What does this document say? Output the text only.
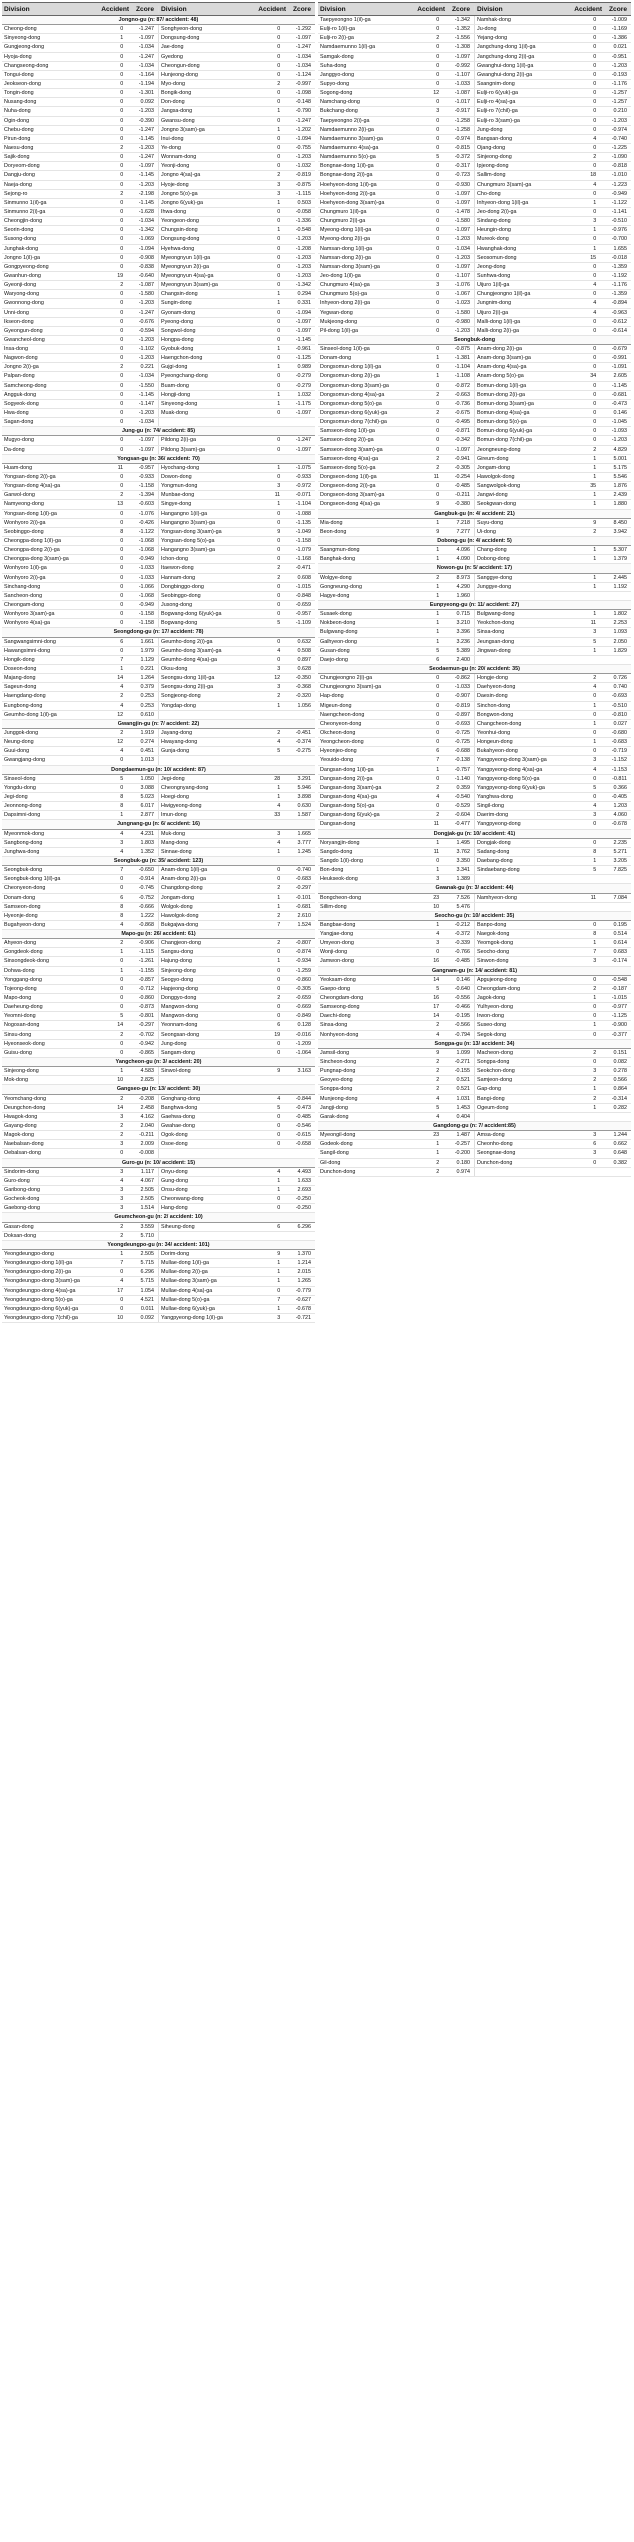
Division	Accident	Zcore	Division	Accident	Zcore
Jongno-gu (n: 87/ accident: 48)
Cheong-dong	0	-1.247	Songhyeon-dong	0	-1.292
Sinyeong-dong	1	-1.097	Dongsung-dong	0	-1.097
Gungjeong-dong	0	-1.034	Jae-dong	0	-1.247
Hyoja-dong	0	-1.247	Gyedong	0	-1.034
Changseong-dong	0	-1.034	Cheongun-dong	0	-1.034
Tongui-dong	0	-1.164	Hunjeong-dong	0	-1.124
Jeokseon-dong	0	-1.194	Myo-dong	2	-0.997
Tongin-dong	0	-1.301	Bongik-dong	0	-1.098
Nusang-dong	0	0.092	Don-dong	0	-0.148
Nuha-dong	0	-1.203	Jangsa-dong	1	-0.790
Ogin-dong	0	-0.390	Gwansu-dong	0	-1.247
Chebu-dong	0	-1.247	Jongno 3(sam)-ga	1	-1.202
Pirun-dong	0	-1.145	Inui-dong	0	-1.094
Naesu-dong	2	-1.203	Ye-dong	0	-0.755
Sajik-dong	0	-1.247	Wonnam-dong	0	-1.203
Doryeom-dong	0	-1.097	Yeonji-dong	0	-1.032
Dangju-dong	0	-1.145	Jongno 4(sa)-ga	2	-0.819
Naeja-dong	0	-1.203	Hyoje-dong	3	-0.875
Sejong-ro	2	-2.198	Jongno 5(o)-ga	3	-1.115
Sinmunno 1(il)-ga	0	-1.145	Jongno 6(yuk)-ga	1	0.503
Sinmunno 2(i)-ga	0	-1.628	Ihwa-dong	0	-0.058
Cheongjin-dong	0	-1.034	Yeongeon-dong	0	-1.336
Seorin-dong	0	-1.342	Chungsin-dong	1	-0.548
Susong-dong	0	-1.069	Dongsung-dong	0	-1.203
Junghak-dong	0	-1.094	Hyehwa-dong	0	-1.208
Jongno 1(il)-ga	0	-0.908	Myeongnyun 1(il)-ga	0	-1.203
Gongpyeong-dong	0	-0.838	Myeongnyun 2(i)-ga	0	-1.203
Gwanhun-dong	19	-0.640	Myeongnyun 4(sa)-ga	0	-1.203
Gyeonji-dong	2	-1.087	Myeongnyun 3(sam)-ga	0	-1.342
Waryong-dong	0	-1.580	Changsin-dong	1	0.294
Gwonnong-dong	0	-1.203	Sungin-dong	1	0.331
Unni-dong	0	-1.247	Gyonam-dong	0	-1.094
Ikseon-dong	0	-0.676	Pyeong-dong	0	-1.097
Gyeongun-dong	0	-0.594	Songwol-dong	0	-1.097
Gwancheol-dong	0	-1.203	Hongpa-dong	0	-1.145
Insa-dong	0	-1.102	Gyobuk-dong	1	-0.961
Nagwon-dong	0	-1.203	Haengchon-dong	0	-1.125
Jongno 2(i)-ga	2	0.221	Gujgi-dong	1	0.989
Palpan-dong	0	-1.034	Pyeongchang-dong	0	-0.279
Samcheong-dong	0	-1.550	Buam-dong	0	-0.279
Angguk-dong	0	-1.145	Hongji-dong	1	1.032
Sogyeok-dong	0	-1.147	Sinyeong-dong	1	-1.175
Hwa-dong	0	-1.203	Muak-dong	0	-1.097
Sagan-dong	0	-1.034
Jung-gu (n: 74/ accident: 85)
Mugyo-dong	0	-1.097	Pildong 2(i)-ga	0	-1.247
Da-dong	0	-1.097	Pildong 3(sam)-ga	0	-1.097
Yongsan-gu (n: 36/ accident: 70)
Huam-dong	11	-0.957	Hyochang-dong	1	-1.075
Yongsan-dong 2(i)-ga	0	-0.933	Dowon-dong	0	-0.933
Yongsan-dong 4(sa)-ga	0	-1.158	Yongmun-dong	3	-0.972
Garwol-dong	2	-1.394	Munbae-dong	11	-0.071
Namyeong-dong	13	-0.603	Singye-dong	1	-1.104
Yongsan-dong 1(il)-ga	0	-1.076	Hangangno 1(il)-ga	0	-1.088
Wonhyoro 2(i)-ga	0	-0.426	Hangangno 3(sam)-ga	0	-1.135
Seobinggo-dong	8	-1.122	Yongsan-dong 3(sam)-ga	9	-1.049
Cheongpa-dong 1(il)-ga	0	-1.068	Yongsan-dong 5(o)-ga	0	-1.158
Cheongpa-dong 2(i)-ga	0	-1.068	Hangangno 3(sam)-ga	0	-1.079
Cheongpa-dong 3(sam)-ga	0	-0.949	Ichon-dong	0	-1.168
Wonhyoro 1(il)-ga	0	-1.033	Itaewon-dong	2	-0.471
Wonhyoro 2(i)-ga	0	-1.033	Hannam-dong	2	0.608
Sinchang-dong	0	-1.066	Dongbinggo-dong	0	-1.015
Sancheon-dong	0	-1.068	Seobinggo-dong	0	-0.848
Cheongam-dong	0	-0.949	Jusong-dong	0	-0.659
Wonhyoro 3(sam)-ga	0	-1.158	Bogwang-dong 6(yuk)-ga	0	-0.957
Wonhyoro 4(sa)-ga	0	-1.158	Bogwang-dong	5	-1.109
Seongdong-gu (n: 17/ accident: 78)
Sangwangsimni-dong	6	1.661	Geumho-dong 2(i)-ga	0	0.632
Hawangsimni-dong	0	1.979	Geumho-dong 3(sam)-ga	4	0.508
Hongik-dong	7	1.129	Geumho-dong 4(sa)-ga	0	0.897
Doseon-dong	1	0.221	Oksu-dong	3	0.628
Majang-dong	14	1.264	Seongsu-dong 1(il)-ga	12	-0.350
Sageun-dong	4	0.379	Seongsu-dong 2(i)-ga	3	-0.368
Haengdang-dong	2	0.253	Songjeong-dong	2	-0.320
Eungbong-dong	4	0.253	Yongdap-dong	1	1.056
Geumho-dong 1(il)-ga	12	0.610
Gwangjin-gu (n: 7/ accident: 22)
Junggok-dong	2	1.919	Jayang-dong	2	-0.451
Neung-dong	12	0.274	Hwayang-dong	4	-0.374
Guui-dong	4	0.451	Gunja-dong	5	-0.275
Gwangjang-dong	0	1.013
Dongdaemun-gu (n: 10/ accident: 87)
Sinseol-dong	5	1.050	Jegi-dong	28	3.291
Yongdu-dong	0	3.088	Cheongnyang-dong	1	5.946
Jegi-dong	8	5.023	Hoegi-dong	1	3.898
Jeonnong-dong	8	6.017	Hwigyeong-dong	4	0.630
Dapsimni-dong	1	2.877	Imun-dong	33	1.587
Jungnang-gu (n: 6/ accident: 16)
Myeonmok-dong	4	4.231	Muk-dong	3	1.665
Sangbong-dong	3	1.803	Mang-dong	4	3.777
Junghwa-dong	4	1.352	Sinnae-dong	1	1.245
Seongbuk-gu (n: 35/ accident: 123)
Seongbuk-dong	7	-0.650	Anam-dong 1(il)-ga	0	-0.740
Seongbuk-dong 1(il)-ga	0	-0.914	Anam-dong 2(i)-ga	0	-0.683
Cheonyeon-dong	0	-0.745	Changdong-dong	2	-0.297
Donam-dong	6	-0.752	Jongam-dong	1	-0.101
Samseon-dong	8	-0.666	Wolgok-dong	1	-0.681
Hyeonje-dong	8	1.222	Hawolgok-dong	2	2.610
Bugahyeon-dong	4	-0.868	Bukgajwa-dong	7	1.524
Mapo-gu (n: 26/ accident: 61)
Ahyeon-dong	2	-0.906	Changjeon-dong	2	-0.807
Gongdeok-dong	1	-1.115	Sangsu-dong	0	-0.874
Sinsongdeok-dong	0	-1.261	Hajung-dong	1	-0.934
Dohwa-dong	1	-1.155	Sinjeong-dong	0	-1.259
Yonggang-dong	0	-0.857	Seogyo-dong	0	-0.860
Tojeong-dong	0	-0.712	Hapjeong-dong	0	-0.305
Mapo-dong	0	-0.860	Donggyo-dong	2	-0.659
Daeheung-dong	0	-0.873	Mangwon-dong	0	-0.669
Yeomni-dong	5	-0.801	Mangwon-dong	0	-0.849
Nogosan-dong	14	-0.297	Yeonnam-dong	6	0.128
Sinsu-dong	2	-0.702	Seongsan-dong	19	-0.016
Hyeonseok-dong	0	-0.942	Jung-dong	0	-1.209
Guisu-dong	0	-0.865	Sangam-dong	0	-1.064
Yangcheon-gu (n: 3/ accident: 20)
Sinjeong-dong	1	4.583	Sinwol-dong	9	3.163
Mok-dong	10	2.825
Gangseo-gu (n: 13/ accident: 30)
Yeomchang-dong	2	-0.208	Gonghang-dong	4	-0.844
Deungchon-dong	14	2.458	Banghwa-dong	5	-0.473
Hwagok-dong	3	4.162	Gaehwa-dong	0	-0.485
Gayang-dong	2	2.040	Gwahae-dong	0	-0.546
Magok-dong	2	-0.211	Ogok-dong	0	-0.615
Naebalsan-dong	3	2.009	Osoe-dong	0	-0.658
Oebalsan-dong	0	-0.008
Guro-gu (n: 10/ accident: 15)
Sindorim-dong	3	1.117	Onyu-dong	4	4.493
Guro-dong	4	4.067	Gung-dong	1	1.633
Garibong-dong	3	2.505	Onsu-dong	1	2.693
Gocheok-dong	3	2.505	Cheonwang-dong	0	-0.250
Gaebong-dong	3	1.514	Hang-dong	0	-0.250
Geumcheon-gu (n: 2/ accident: 10)
Gasan-dong	2	3.559	Siheung-dong	6	6.296
Doksan-dong	2	5.710
Yeongdeungpo-gu (n: 34/ accident: 101)
Yeongdeungpo-dong	1	2.505	Dorim-dong	9	1.370
Yeongdeungpo-dong 1(il)-ga	7	5.715	Mullae-dong 1(il)-ga	1	1.214
Yeongdeungpo-dong 2(i)-ga	0	6.296	Mullae-dong 2(i)-ga	1	2.015
Yeongdeungpo-dong 3(sam)-ga	4	5.715	Mullae-dong 3(sam)-ga	1	1.265
Yeongdeungpo-dong 4(sa)-ga	17	1.054	Mullae-dong 4(sa)-ga	0	-0.779
Yeongdeungpo-dong 5(o)-ga	0	4.521	Mullae-dong 5(o)-ga	7	-0.627
Yeongdeungpo-dong 6(yuk)-ga	0	0.011	Mullae-dong 6(yuk)-ga	1	-0.678
Yeongdeungpo-dong 7(chil)-ga	10	0.092	Yangpyeong-dong 1(il)-ga	3	-0.721
Division	Accident	Zcore	Division	Accident	Zcore
Taepyeongno 1(il)-ga	0	-1.342	Namhak-dong	0	-1.009
Eulji-ro 1(il)-ga	0	-1.352	Ju-dong	0	-1.169
Eulji-ro 2(i)-ga	2	-1.556	Yejang-dong	0	-1.386
Namdaemunno 1(il)-ga	0	-1.308	Jangchung-dong 1(il)-ga	0	0.021
Samgak-dong	0	-1.097	Jangchung-dong 2(i)-ga	0	-0.951
Suha-dong	0	-0.992	Gwanghui-dong 1(il)-ga	0	-1.203
Janggyo-dong	0	-1.107	Gwanghui-dong 2(i)-ga	0	-0.193
Supyo-dong	0	-1.033	Ssangnim-dong	0	-1.176
Sogong-dong	12	-1.087	Eulji-ro 6(yuk)-ga	0	-1.257
Namchang-dong	0	-1.017	Eulji-ro 4(sa)-ga	0	-1.257
Bukchang-dong	3	-0.917	Eulji-ro 7(chil)-ga	0	0.210
Taepyeongno 2(i)-ga	0	-1.258	Eulji-ro 3(sam)-ga	0	-1.203
Namdaemunno 2(i)-ga	0	-1.258	Jung-dong	0	-0.974
Namdaemunno 3(sam)-ga	0	-0.974	Bangsan-dong	4	-0.740
Namdaemunno 4(sa)-ga	0	-0.815	Ojang-dong	0	-1.225
Namdaemunno 5(o)-ga	5	-0.372	Sinjeong-dong	2	-1.090
Bongnae-dong 1(il)-ga	0	-0.317	Ipjeong-dong	0	-0.818
Bongnae-dong 2(i)-ga	0	-0.723	Sallim-dong	18	-1.010
Hoehyeon-dong 1(il)-ga	0	-0.930	Chungmuro 3(sam)-ga	4	-1.223
Hoehyeon-dong 2(i)-ga	0	-1.097	Cho-dong	0	-0.949
Hoehyeon-dong 3(sam)-ga	0	-1.097	Inhyeon-dong 1(il)-ga	1	-1.122
Chungmuro 1(il)-ga	0	-1.478	Jeo-dong 2(i)-ga	0	-1.141
Chungmuro 2(i)-ga	0	-1.580	Sindang-dong	3	-0.510
Myeong-dong 1(il)-ga	0	-1.097	Heungin-dong	1	-0.976
Myeong-dong 2(i)-ga	0	-1.203	Mureok-dong	0	-0.700
Namsan-dong 1(il)-ga	0	-1.034	Hwanghak-dong	1	1.655
Namsan-dong 2(i)-ga	0	-1.203	Seosomun-dong	15	-0.018
Namsan-dong 3(sam)-ga	0	-1.097	Jeong-dong	0	-1.359
Jeo-dong 1(il)-ga	0	-1.107	Sunhwa-dong	0	-1.192
Chungmuro 4(sa)-ga	3	-1.076	Uijuro 1(il)-ga	4	-1.176
Chungmuro 5(o)-ga	0	-1.067	Chungjeongno 1(il)-ga	0	-1.359
Inhyeon-dong 2(i)-ga	0	-1.023	Jungnim-dong	4	-0.894
Yegwan-dong	0	-1.580	Uijuro 2(i)-ga	4	-0.963
Mukjeong-dong	0	-0.980	Malli-dong 1(il)-ga	0	-0.612
Pil-dong 1(il)-ga	0	-1.203	Malli-dong 2(i)-ga	0	-0.614
Seongbuk-dong
Sinseol-dong 1(il)-ga	0	-0.875	Anam-dong 2(i)-ga	0	-0.679
Donam-dong	1	-1.381	Anam-dong 3(sam)-ga	0	-0.991
Dongsomun-dong 1(il)-ga	0	-1.104	Anam-dong 4(sa)-ga	0	-1.091
Dongsomun-dong 2(i)-ga	1	-1.108	Anam-dong 5(o)-ga	34	2.605
Dongsomun-dong 3(sam)-ga	0	-0.872	Bomun-dong 1(il)-ga	0	-1.145
Dongsomun-dong 4(sa)-ga	2	-0.663	Bomun-dong 2(i)-ga	0	-0.681
Dongsomun-dong 5(o)-ga	0	-0.736	Bomun-dong 3(sam)-ga	0	-0.473
Dongsomun-dong 6(yuk)-ga	2	-0.675	Bomun-dong 4(sa)-ga	0	0.146
Dongsomun-dong 7(chil)-ga	0	-0.495	Bomun-dong 5(o)-ga	0	-1.045
Samseon-dong 1(il)-ga	0	-0.871	Bomun-dong 6(yuk)-ga	0	-1.093
Samseon-dong 2(i)-ga	0	-0.342	Bomun-dong 7(chil)-ga	0	-1.203
Samseon-dong 3(sam)-ga	0	-1.097	Jeongneung-dong	2	4.829
Samseon-dong 4(sa)-ga	2	-0.941	Gireum-dong	1	5.001
Samseon-dong 5(o)-ga	2	-0.305	Jongam-dong	1	5.175
Dongseon-dong 1(il)-ga	11	-0.254	Hawolgok-dong	1	5.546
Dongseon-dong 2(i)-ga	0	-0.485	Sangwolgok-dong	35	1.876
Dongseon-dong 3(sam)-ga	0	-0.211	Jangwi-dong	1	2.439
Dongseon-dong 4(sa)-ga	9	-0.380	Seokgwan-dong	1	1.880
Gangbuk-gu (n: 4/ accident: 21)
Mia-dong	1	7.218	Suyu-dong	9	8.450
Beon-dong	9	7.277	Ui-dong	2	3.942
Dobong-gu (n: 4/ accident: 5)
Ssangmun-dong	1	4.096	Chang-dong	1	5.307
Banghak-dong	1	4.090	Dobong-dong	1	1.379
Nowon-gu (n: 5/ accident: 17)
Wolgye-dong	2	8.973	Sanggye-dong	1	2.445
Gongneung-dong	1	4.290	Junggye-dong	1	1.192
Hagye-dong	1	1.960
Eunpyeong-gu (n: 11/ accident: 27)
Susaek-dong	1	0.715	Bulgwang-dong	1	1.802
Nokbeon-dong	1	3.210	Yeokchon-dong	11	2.253
Bulgwang-dong	1	3.396	Sinsa-dong	3	1.093
Galhyeon-dong	1	3.236	Jeungsan-dong	5	2.050
Gusan-dong	5	5.389	Jingwan-dong	1	1.829
Daejo-dong	6	2.400
Seodaemun-gu (n: 20/ accident: 35)
Chungjeongno 2(i)-ga	0	-0.862	Hongje-dong	2	0.726
Chungjeongno 3(sam)-ga	0	-1.033	Daehyeon-dong	4	0.740
Hap-dong	0	-0.907	Daesin-dong	0	-0.693
Migeun-dong	0	-0.819	Sinchon-dong	1	-0.510
Naengcheon-dong	0	-0.897	Bongwon-dong	0	-0.810
Cheonyeon-dong	0	-0.693	Changcheon-dong	1	0.027
Okcheon-dong	0	-0.725	Yeonhui-dong	0	-0.680
Yeongcheon-dong	0	-0.725	Hongeun-dong	1	-0.683
Hyeonjeo-dong	6	-0.688	Bukahyeon-dong	0	-0.719
Yeouido-dong	7	-0.138	Yangpyeong-dong 3(sam)-ga	3	-1.152
Dangsan-dong 1(il)-ga	1	-0.757	Yangpyeong-dong 4(sa)-ga	4	-1.153
Dangsan-dong 2(i)-ga	0	-1.140	Yangpyeong-dong 5(o)-ga	0	-0.811
Dangsan-dong 3(sam)-ga	2	0.359	Yangpyeong-dong 6(yuk)-ga	5	0.366
Dangsan-dong 4(sa)-ga	4	-0.540	Yanghwa-dong	0	-0.405
Dangsan-dong 5(o)-ga	0	-0.529	Singil-dong	4	1.203
Dangsan-dong 6(yuk)-ga	2	-0.604	Daerim-dong	3	4.060
Dangsan-dong	11	-0.477	Yangpyeong-dong	0	-0.678
Dongjak-gu (n: 10/ accident: 41)
Noryangjin-dong	1	1.495	Dongjak-dong	0	2.235
Sangdo-dong	11	3.762	Sadang-dong	8	5.271
Sangdo 1(il)-dong	0	3.350	Daebang-dong	1	3.205
Bon-dong	1	3.341	Sindaebang-dong	5	7.825
Heukseok-dong	3	1.389
Gwanak-gu (n: 3/ accident: 44)
Bongcheon-dong	23	7.526	Namhyeon-dong	11	7.084
Sillim-dong	10	5.476
Seocho-gu (n: 10/ accident: 35)
Bangbae-dong	1	-0.212	Banpo-dong	0	0.195
Yangjae-dong	4	-0.372	Naegok-dong	8	0.514
Umyeon-dong	3	-0.339	Yeomgok-dong	1	0.614
Wonji-dong	0	-0.766	Seocho-dong	7	0.683
Jamwon-dong	16	-0.485	Sinwon-dong	3	-0.174
Gangnam-gu (n: 14/ accident: 81)
Yeoksam-dong	14	0.146	Apgujeong-dong	0	-0.548
Gaepo-dong	5	-0.640	Cheongdam-dong	2	-0.187
Cheongdam-dong	16	-0.556	Jagok-dong	1	-1.015
Samseong-dong	17	-0.466	Yulhyeon-dong	0	-0.977
Daechi-dong	14	-0.195	Irwon-dong	0	-1.125
Sinsa-dong	2	-0.566	Suseo-dong	1	-0.900
Nonhyeon-dong	4	-0.794	Segok-dong	0	-0.377
Songpa-gu (n: 13/ accident: 34)
Jamsil-dong	9	1.099	Macheon-dong	2	0.151
Sincheon-dong	2	-0.271	Songpa-dong	0	0.082
Pungnap-dong	2	-0.155	Seokchon-dong	3	0.278
Geoyeo-dong	2	0.521	Samjeon-dong	2	0.566
Songpa-dong	2	0.521	Gap-dong	1	0.864
Munjeong-dong	4	1.031	Bangi-dong	2	-0.314
Jangji-dong	5	1.453	Ogeum-dong	1	0.282
Garak-dong	4	0.404
Gangdong-gu (n: 7/ accident:85)
Myeongil-dong	23	1.487	Amsa-dong	3	1.244
Godeok-dong	1	-0.257	Cheonho-dong	6	0.662
Sangil-dong	1	-0.200	Seongnae-dong	3	0.648
Gil-dong	2	0.180	Dunchon-dong	0	0.382
Dunchon-dong	2	0.974
